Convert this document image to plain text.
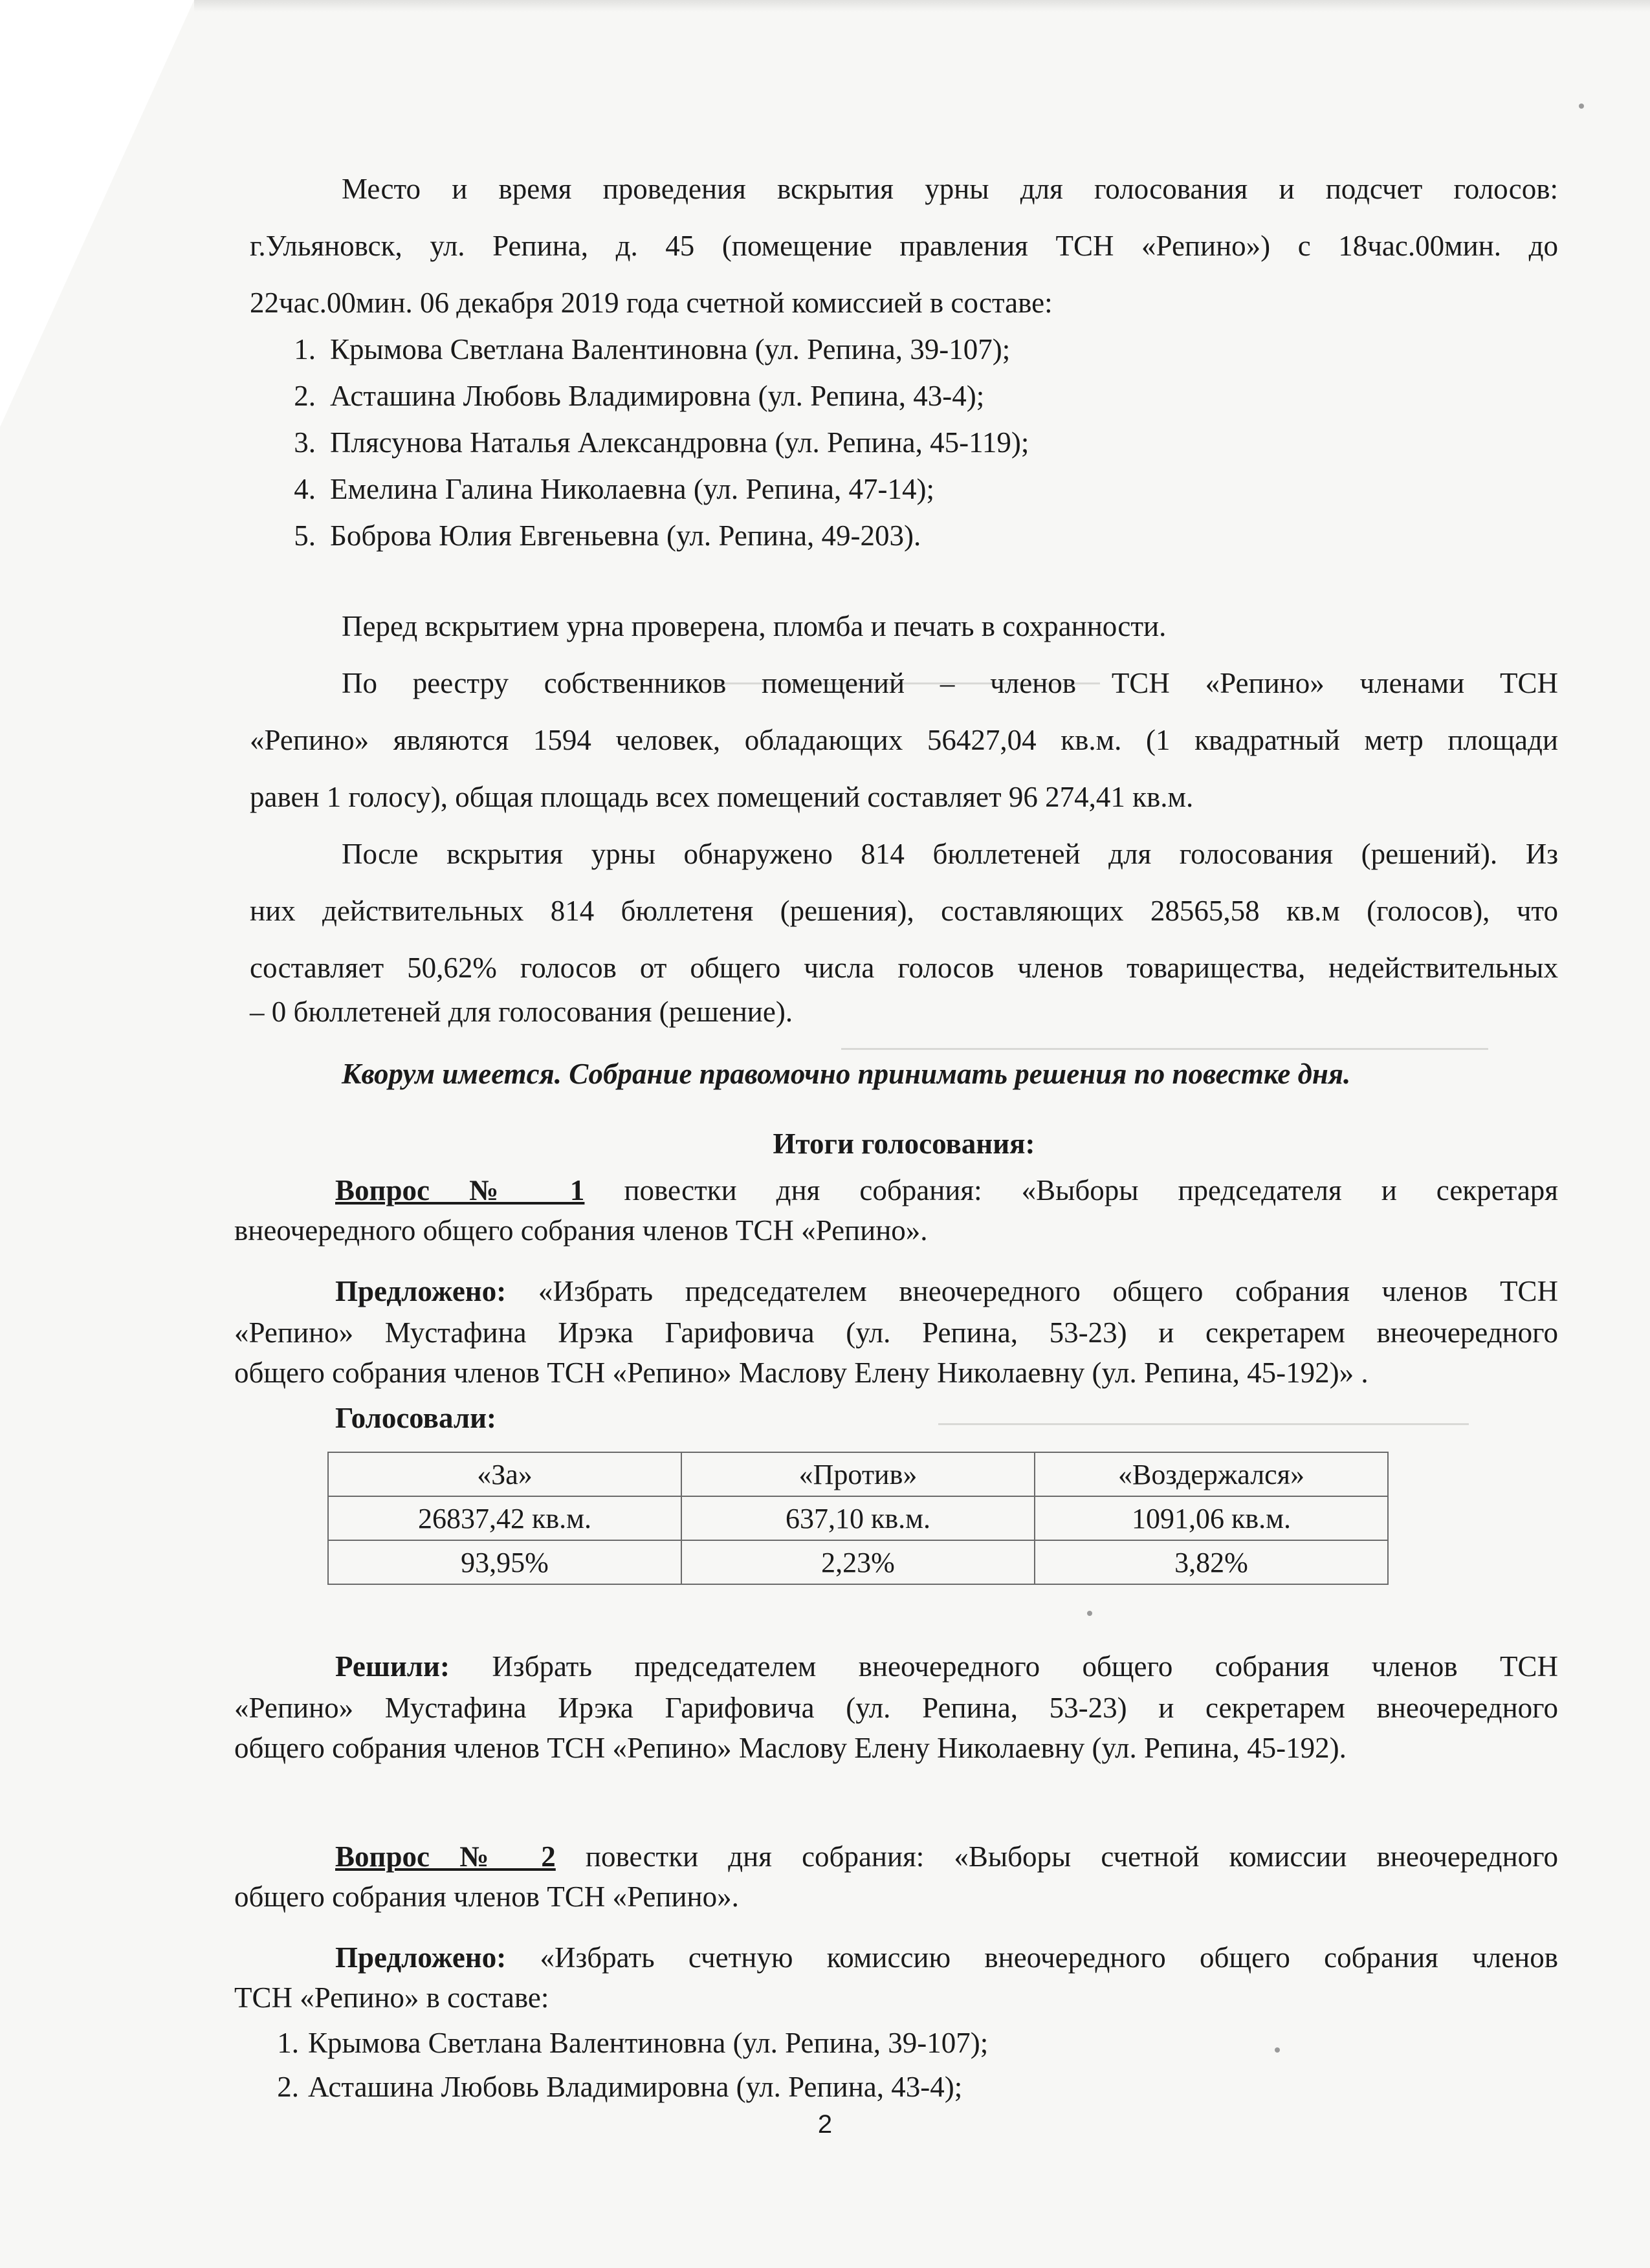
Место и время проведения вскрытия урны для голосования и подсчет голосов:
г.Ульяновск, ул. Репина, д. 45 (помещение правления ТСН «Репино») с 18час.00мин. до
22час.00мин. 06 декабря 2019 года счетной комиссией в составе:
1. Крымова Светлана Валентиновна (ул. Репина, 39-107);
2. Асташина Любовь Владимировна (ул. Репина, 43-4);
3. Плясунова Наталья Александровна (ул. Репина, 45-119);
4. Емелина Галина Николаевна (ул. Репина, 47-14);
5. Боброва Юлия Евгеньевна (ул. Репина, 49-203).
Перед вскрытием урна проверена, пломба и печать в сохранности.
По реестру собственников помещений – членов ТСН «Репино» членами ТСН
«Репино» являются 1594 человек, обладающих 56427,04 кв.м. (1 квадратный метр площади
равен 1 голосу), общая площадь всех помещений составляет 96 274,41 кв.м.
После вскрытия урны обнаружено 814 бюллетеней для голосования (решений). Из
них действительных 814 бюллетеня (решения), составляющих 28565,58 кв.м (голосов), что
составляет 50,62% голосов от общего числа голосов членов товарищества, недействительных
– 0 бюллетеней для голосования (решение).
Кворум имеется. Собрание правомочно принимать решения по повестке дня.
Итоги голосования:
Вопрос № 1 повестки дня собрания: «Выборы председателя и секретаря
внеочередного общего собрания членов ТСН «Репино».
Предложено: «Избрать председателем внеочередного общего собрания членов ТСН
«Репино» Мустафина Ирэка Гарифовича (ул. Репина, 53-23) и секретарем внеочередного
общего собрания членов ТСН «Репино» Маслову Елену Николаевну (ул. Репина, 45-192)» .
Голосовали:
«За»	«Против»	«Воздержался»
26837,42 кв.м.	637,10 кв.м.	1091,06 кв.м.
93,95%	2,23%	3,82%
Решили: Избрать председателем внеочередного общего собрания членов ТСН
«Репино» Мустафина Ирэка Гарифовича (ул. Репина, 53-23) и секретарем внеочередного
общего собрания членов ТСН «Репино» Маслову Елену Николаевну (ул. Репина, 45-192).
Вопрос № 2 повестки дня собрания: «Выборы счетной комиссии внеочередного
общего собрания членов ТСН «Репино».
Предложено: «Избрать счетную комиссию внеочередного общего собрания членов
ТСН «Репино» в составе:
1. Крымова Светлана Валентиновна (ул. Репина, 39-107);
2. Асташина Любовь Владимировна (ул. Репина, 43-4);
2
